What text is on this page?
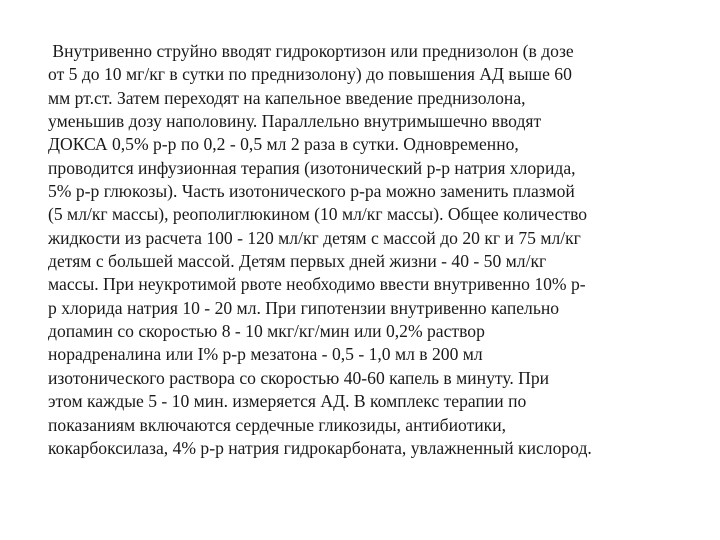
Внутривенно струйно вводят гидрокортизон или преднизолон (в дозе
от 5 до 10 мг/кг в сутки по преднизолону) до повышения АД выше 60
мм рт.ст. Затем переходят на капельное введение преднизолона,
уменьшив дозу наполовину. Параллельно внутримышечно вводят
ДОКСА 0,5% р-р по 0,2 - 0,5 мл 2 раза в сутки. Одновременно,
проводится инфузионная терапия (изотонический р-р натрия хлорида,
5% р-р глюкозы). Часть изотонического р-ра можно заменить плазмой
(5 мл/кг массы), реополиглюкином (10 мл/кг массы). Общее количество
жидкости из расчета 100 - 120 мл/кг детям с массой до 20 кг и 75 мл/кг
детям с большей массой. Детям первых дней жизни - 40 - 50 мл/кг
массы. При неукротимой рвоте необходимо ввести внутривенно 10% р-
р хлорида натрия 10 - 20 мл. При гипотензии внутривенно капельно
допамин со скоростью 8 - 10 мкг/кг/мин или 0,2% раствор
норадреналина или I% р-р мезатона - 0,5 - 1,0 мл в 200 мл
изотонического раствора со скоростью 40-60 капель в минуту. При
этом каждые 5 - 10 мин. измеряется АД. В комплекс терапии по
показаниям включаются сердечные гликозиды, антибиотики,
кокарбоксилаза, 4% р-р натрия гидрокарбоната, увлажненный кислород.
